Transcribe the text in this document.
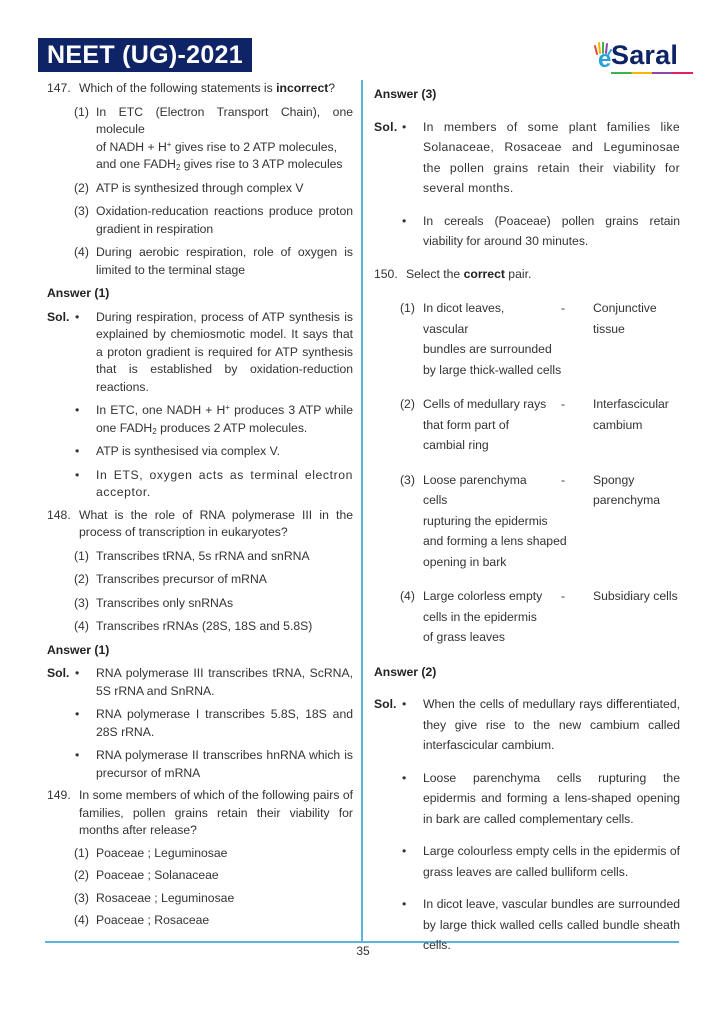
NEET (UG)-2021	e Saral
35
147. Which of the following statements is incorrect?
(1) In ETC (Electron Transport Chain), one molecule
of NADH + H+ gives rise to 2 ATP molecules,
and one $FADH_2$ gives rise to 3 ATP molecules
(2) ATP is synthesized through complex V
(3) Oxidation-reducation reactions produce proton gradient in respiration
(4) During aerobic respiration, role of oxygen is limited to the terminal stage
Answer (1)
Sol. • During respiration, process of ATP synthesis is explained by chemiosmotic model. It says that a proton gradient is required for ATP synthesis that is established by oxidation-reduction reactions.
• In ETC, one NADH + H+ produces 3 ATP while one $FADH_2$ produces 2 ATP molecules.
• ATP is synthesised via complex V.
• In ETS, oxygen acts as terminal electron acceptor.
148. What is the role of RNA polymerase III in the process of transcription in eukaryotes?
(1) Transcribes tRNA, 5s rRNA and snRNA
(2) Transcribes precursor of mRNA
(3) Transcribes only snRNAs
(4) Transcribes rRNAs (28S, 18S and 5.8S)
Answer (1)
Sol. • RNA polymerase III transcribes tRNA, ScRNA, 5S rRNA and SnRNA.
• RNA polymerase I transcribes 5.8S, 18S and 28S rRNA.
• RNA polymerase II transcribes hnRNA which is precursor of mRNA
149. In some members of which of the following pairs of families, pollen grains retain their viability for months after release?
(1) Poaceae ; Leguminosae
(2) Poaceae ; Solanaceae
(3) Rosaceae ; Leguminosae
(4) Poaceae ; Rosaceae
Answer (3)
Sol. • In members of some plant families like Solanaceae, Rosaceae and Leguminosae the pollen grains retain their viability for several months.
• In cereals (Poaceae) pollen grains retain viability for around 30 minutes.
150. Select the correct pair.
(1) In dicot leaves, vascular
bundles are surrounded
by large thick-walled cells
- Conjunctive
tissue
(2) Cells of medullary rays
that form part of
cambial ring
- Interfascicular
cambium
(3) Loose parenchyma cells
rupturing the epidermis
and forming a lens shaped
opening in bark
- Spongy
parenchyma
(4) Large colorless empty
cells in the epidermis
of grass leaves
- Subsidiary cells
Answer (2)
Sol. • When the cells of medullary rays differentiated, they give rise to the new cambium called interfascicular cambium.
• Loose parenchyma cells rupturing the epidermis and forming a lens-shaped opening in bark are called complementary cells.
• Large colourless empty cells in the epidermis of grass leaves are called bulliform cells.
• In dicot leave, vascular bundles are surrounded by large thick walled cells called bundle sheath cells.
